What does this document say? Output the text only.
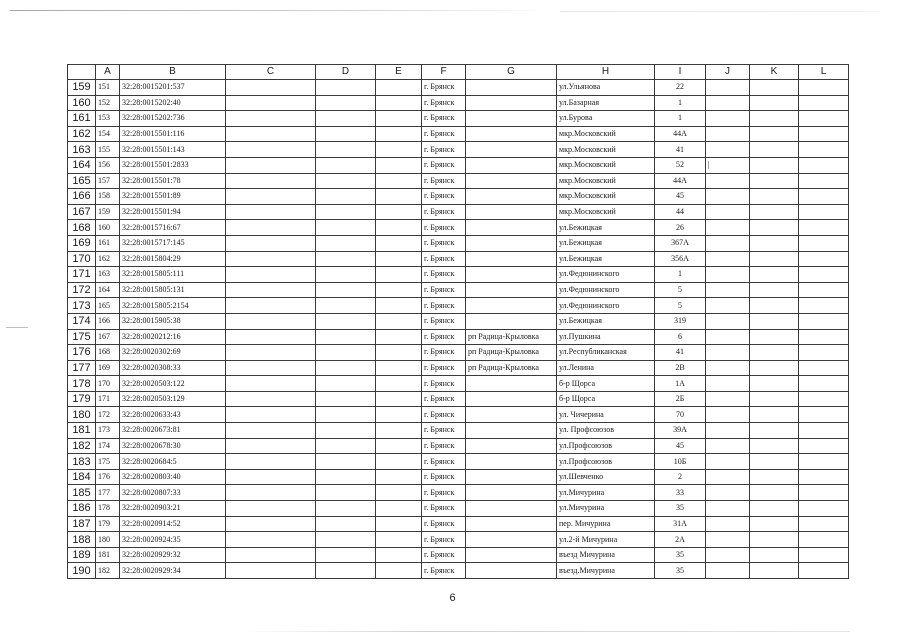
	A	B	C	D	E	F	G	H	I	J	K	L
159	151	32:28:0015201:537				г. Брянск		ул.Ульянова	22			
160	152	32:28:0015202:40				г. Брянск		ул.Базарная	1			
161	153	32:28:0015202:736				г. Брянск		ул.Бурова	1			
162	154	32:28:0015501:116				г. Брянск		мкр.Московский	44А			
163	155	32:28:0015501:143				г. Брянск		мкр.Московский	41			
164	156	32:28:0015501:2833				г. Брянск		мкр.Московский	52	|		
165	157	32:28:0015501:78				г. Брянск		мкр.Московский	44А			
166	158	32:28:0015501:89				г. Брянск		мкр.Московский	45			
167	159	32:28:0015501:94				г. Брянск		мкр.Московский	44			
168	160	32:28:0015716:67				г. Брянск		ул.Бежицкая	26			
169	161	32:28:0015717:145				г. Брянск		ул.Бежицкая	367А			
170	162	32:28:0015804:29				г. Брянск		ул.Бежицкая	356А			
171	163	32:28:0015805:111				г. Брянск		ул.Федюнинского	1			
172	164	32:28:0015805:131				г. Брянск		ул.Федюнинского	5			
173	165	32:28:0015805:2154				г. Брянск		ул.Федюнинского	5			
174	166	32:28:0015905:38				г. Брянск		ул.Бежицкая	319			
175	167	32:28:0020212:16				г. Брянск	рп Радица-Крыловка	ул.Пушкина	6			
176	168	32:28:0020302:69				г. Брянск	рп Радица-Крыловка	ул.Республиканская	41			
177	169	32:28:0020308:33				г. Брянск	рп Радица-Крыловка	ул.Ленина	2В			
178	170	32:28:0020503:122				г. Брянск		б-р Щорса	1А			
179	171	32:28:0020503:129				г. Брянск		б-р Щорса	2Б			
180	172	32:28:0020633:43				г. Брянск		ул. Чичерина	70			
181	173	32:28:0020673:81				г. Брянск		ул. Профсоюзов	39А			
182	174	32:28:0020678:30				г. Брянск		ул.Профсоюзов	45			
183	175	32:28:0020684:5				г. Брянск		ул.Профсоюзов	10Б			
184	176	32:28:0020803:40				г. Брянск		ул.Шевченко	2			
185	177	32:28:0020807:33				г. Брянск		ул.Мичурина	33			
186	178	32:28:0020903:21				г. Брянск		ул.Мичурина	35			
187	179	32:28:0020914:52				г. Брянск		пер. Мичурина	31А			
188	180	32:28:0020924:35				г. Брянск		ул.2-й Мичурина	2А			
189	181	32:28:0020929:32				г. Брянск		въезд Мичурина	35			
190	182	32:28:0020929:34				г. Брянск		въезд.Мичурина	35			
6
